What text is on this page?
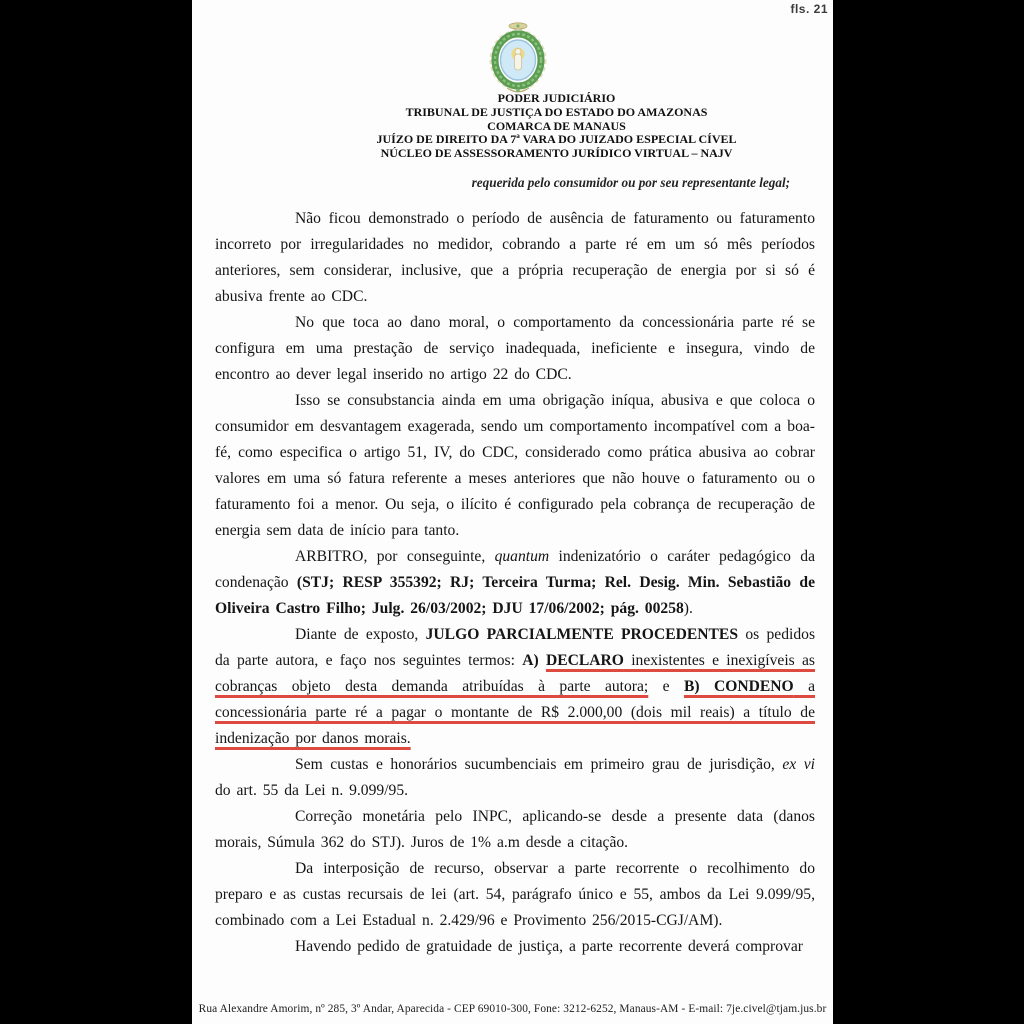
fls. 21
PODER JUDICIÁRIO
TRIBUNAL DE JUSTIÇA DO ESTADO DO AMAZONAS
COMARCA DE MANAUS
JUÍZO DE DIREITO DA 7ª VARA DO JUIZADO ESPECIAL CÍVEL
NÚCLEO DE ASSESSORAMENTO JURÍDICO VIRTUAL – NAJV
requerida pelo consumidor ou por seu representante legal;

Não ficou demonstrado o período de ausência de faturamento ou faturamento incorreto por irregularidades no medidor, cobrando a parte ré em um só mês períodos anteriores, sem considerar, inclusive, que a própria recuperação de energia por si só é abusiva frente ao CDC.

No que toca ao dano moral, o comportamento da concessionária parte ré se configura em uma prestação de serviço inadequada, ineficiente e insegura, vindo de encontro ao dever legal inserido no artigo 22 do CDC.

Isso se consubstancia ainda em uma obrigação iníqua, abusiva e que coloca o consumidor em desvantagem exagerada, sendo um comportamento incompatível com a boa-fé, como especifica o artigo 51, IV, do CDC, considerado como prática abusiva ao cobrar valores em uma só fatura referente a meses anteriores que não houve o faturamento ou o faturamento foi a menor. Ou seja, o ilícito é configurado pela cobrança de recuperação de energia sem data de início para tanto.

ARBITRO, por conseguinte, quantum indenizatório o caráter pedagógico da condenação (STJ; RESP 355392; RJ; Terceira Turma; Rel. Desig. Min. Sebastião de Oliveira Castro Filho; Julg. 26/03/2002; DJU 17/06/2002; pág. 00258).

Diante de exposto, JULGO PARCIALMENTE PROCEDENTES os pedidos da parte autora, e faço nos seguintes termos: A) DECLARO inexistentes e inexigíveis as cobranças objeto desta demanda atribuídas à parte autora; e B) CONDENO a concessionária parte ré a pagar o montante de R$ 2.000,00 (dois mil reais) a título de indenização por danos morais.

Sem custas e honorários sucumbenciais em primeiro grau de jurisdição, ex vi do art. 55 da Lei n. 9.099/95.

Correção monetária pelo INPC, aplicando-se desde a presente data (danos morais, Súmula 362 do STJ). Juros de 1% a.m desde a citação.

Da interposição de recurso, observar a parte recorrente o recolhimento do preparo e as custas recursais de lei (art. 54, parágrafo único e 55, ambos da Lei 9.099/95, combinado com a Lei Estadual n. 2.429/96 e Provimento 256/2015-CGJ/AM).

Havendo pedido de gratuidade de justiça, a parte recorrente deverá comprovar

Rua Alexandre Amorim, nº 285, 3º Andar, Aparecida - CEP 69010-300, Fone: 3212-6252, Manaus-AM - E-mail: 7je.civel@tjam.jus.br
